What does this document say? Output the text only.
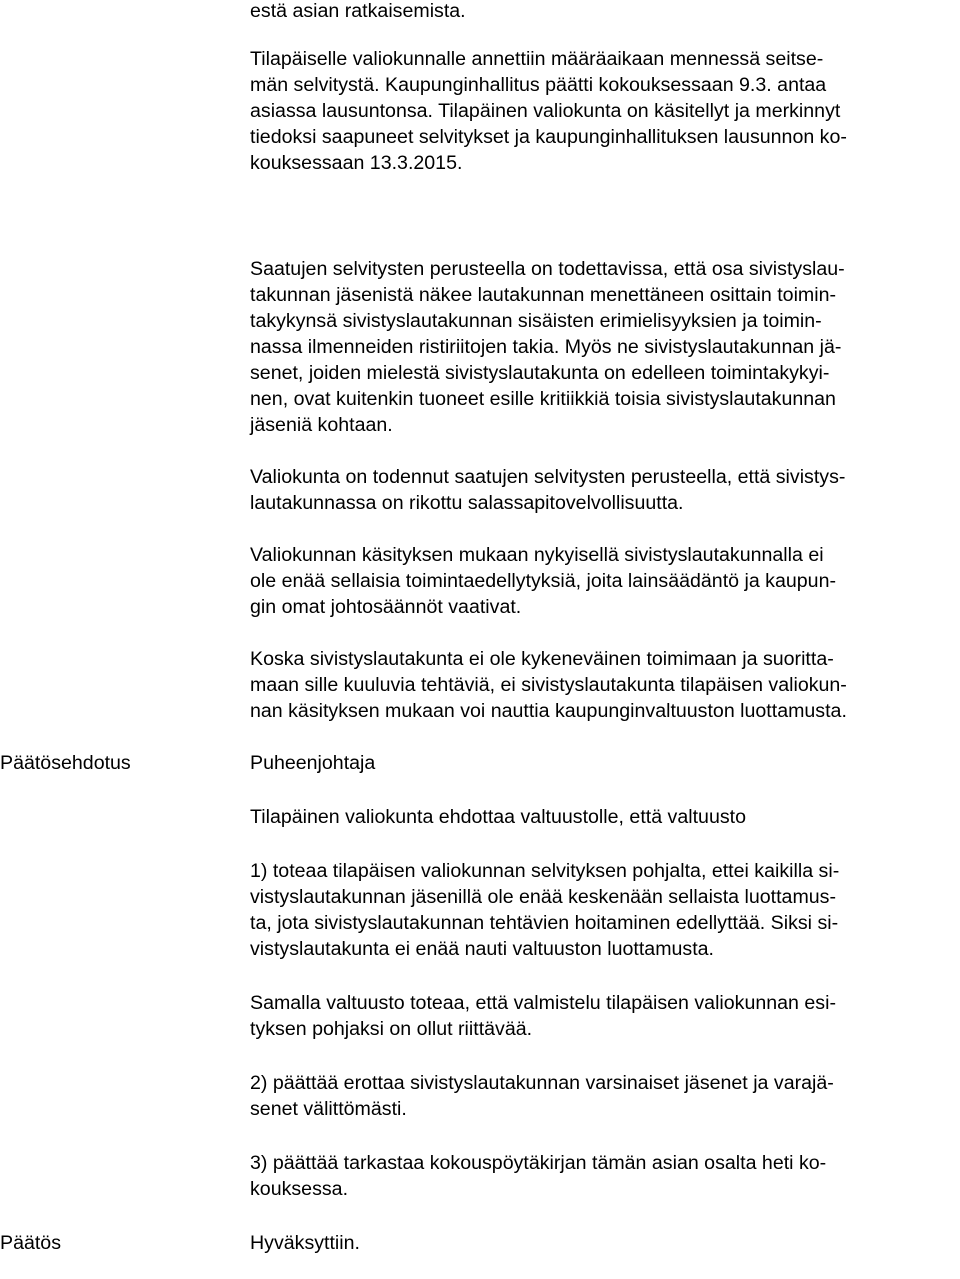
estä asian ratkaisemista.
Tilapäiselle valiokunnalle annettiin määräaikaan mennessä seitse-
män selvitystä. Kaupunginhallitus päätti kokouksessaan 9.3. antaa
asiassa lausuntonsa. Tilapäinen valiokunta on käsitellyt ja merkinnyt
tiedoksi saapuneet selvitykset ja kaupunginhallituksen lausunnon ko-
kouksessaan 13.3.2015.
Saatujen selvitysten perusteella on todettavissa, että osa sivistyslau-
takunnan jäsenistä näkee lautakunnan menettäneen osittain toimin-
takykynsä sivistyslautakunnan sisäisten erimielisyyksien ja toimin-
nassa ilmenneiden ristiriitojen takia. Myös ne sivistyslautakunnan jä-
senet, joiden mielestä sivistyslautakunta on edelleen toimintakykyi-
nen, ovat kuitenkin tuoneet esille kritiikkiä toisia sivistyslautakunnan
jäseniä kohtaan.
Valiokunta on todennut saatujen selvitysten perusteella, että sivistys-
lautakunnassa on rikottu salassapitovelvollisuutta.
Valiokunnan käsityksen mukaan nykyisellä sivistyslautakunnalla ei
ole enää sellaisia toimintaedellytyksiä, joita lainsäädäntö ja kaupun-
gin omat johtosäännöt vaativat.
Koska sivistyslautakunta ei ole kykeneväinen toimimaan ja suoritta-
maan sille kuuluvia tehtäviä, ei sivistyslautakunta tilapäisen valiokun-
nan käsityksen mukaan voi nauttia kaupunginvaltuuston luottamusta.
Päätösehdotus	Puheenjohtaja
Tilapäinen valiokunta ehdottaa valtuustolle, että valtuusto
1) toteaa tilapäisen valiokunnan selvityksen pohjalta, ettei kaikilla si-
vistyslautakunnan jäsenillä ole enää keskenään sellaista luottamus-
ta, jota sivistyslautakunnan tehtävien hoitaminen edellyttää. Siksi si-
vistyslautakunta ei enää nauti valtuuston luottamusta.
Samalla valtuusto toteaa, että valmistelu tilapäisen valiokunnan esi-
tyksen pohjaksi on ollut riittävää.
2) päättää erottaa sivistyslautakunnan varsinaiset jäsenet ja varajä-
senet välittömästi.
3) päättää tarkastaa kokouspöytäkirjan tämän asian osalta heti ko-
kouksessa.
Päätös	Hyväksyttiin.
